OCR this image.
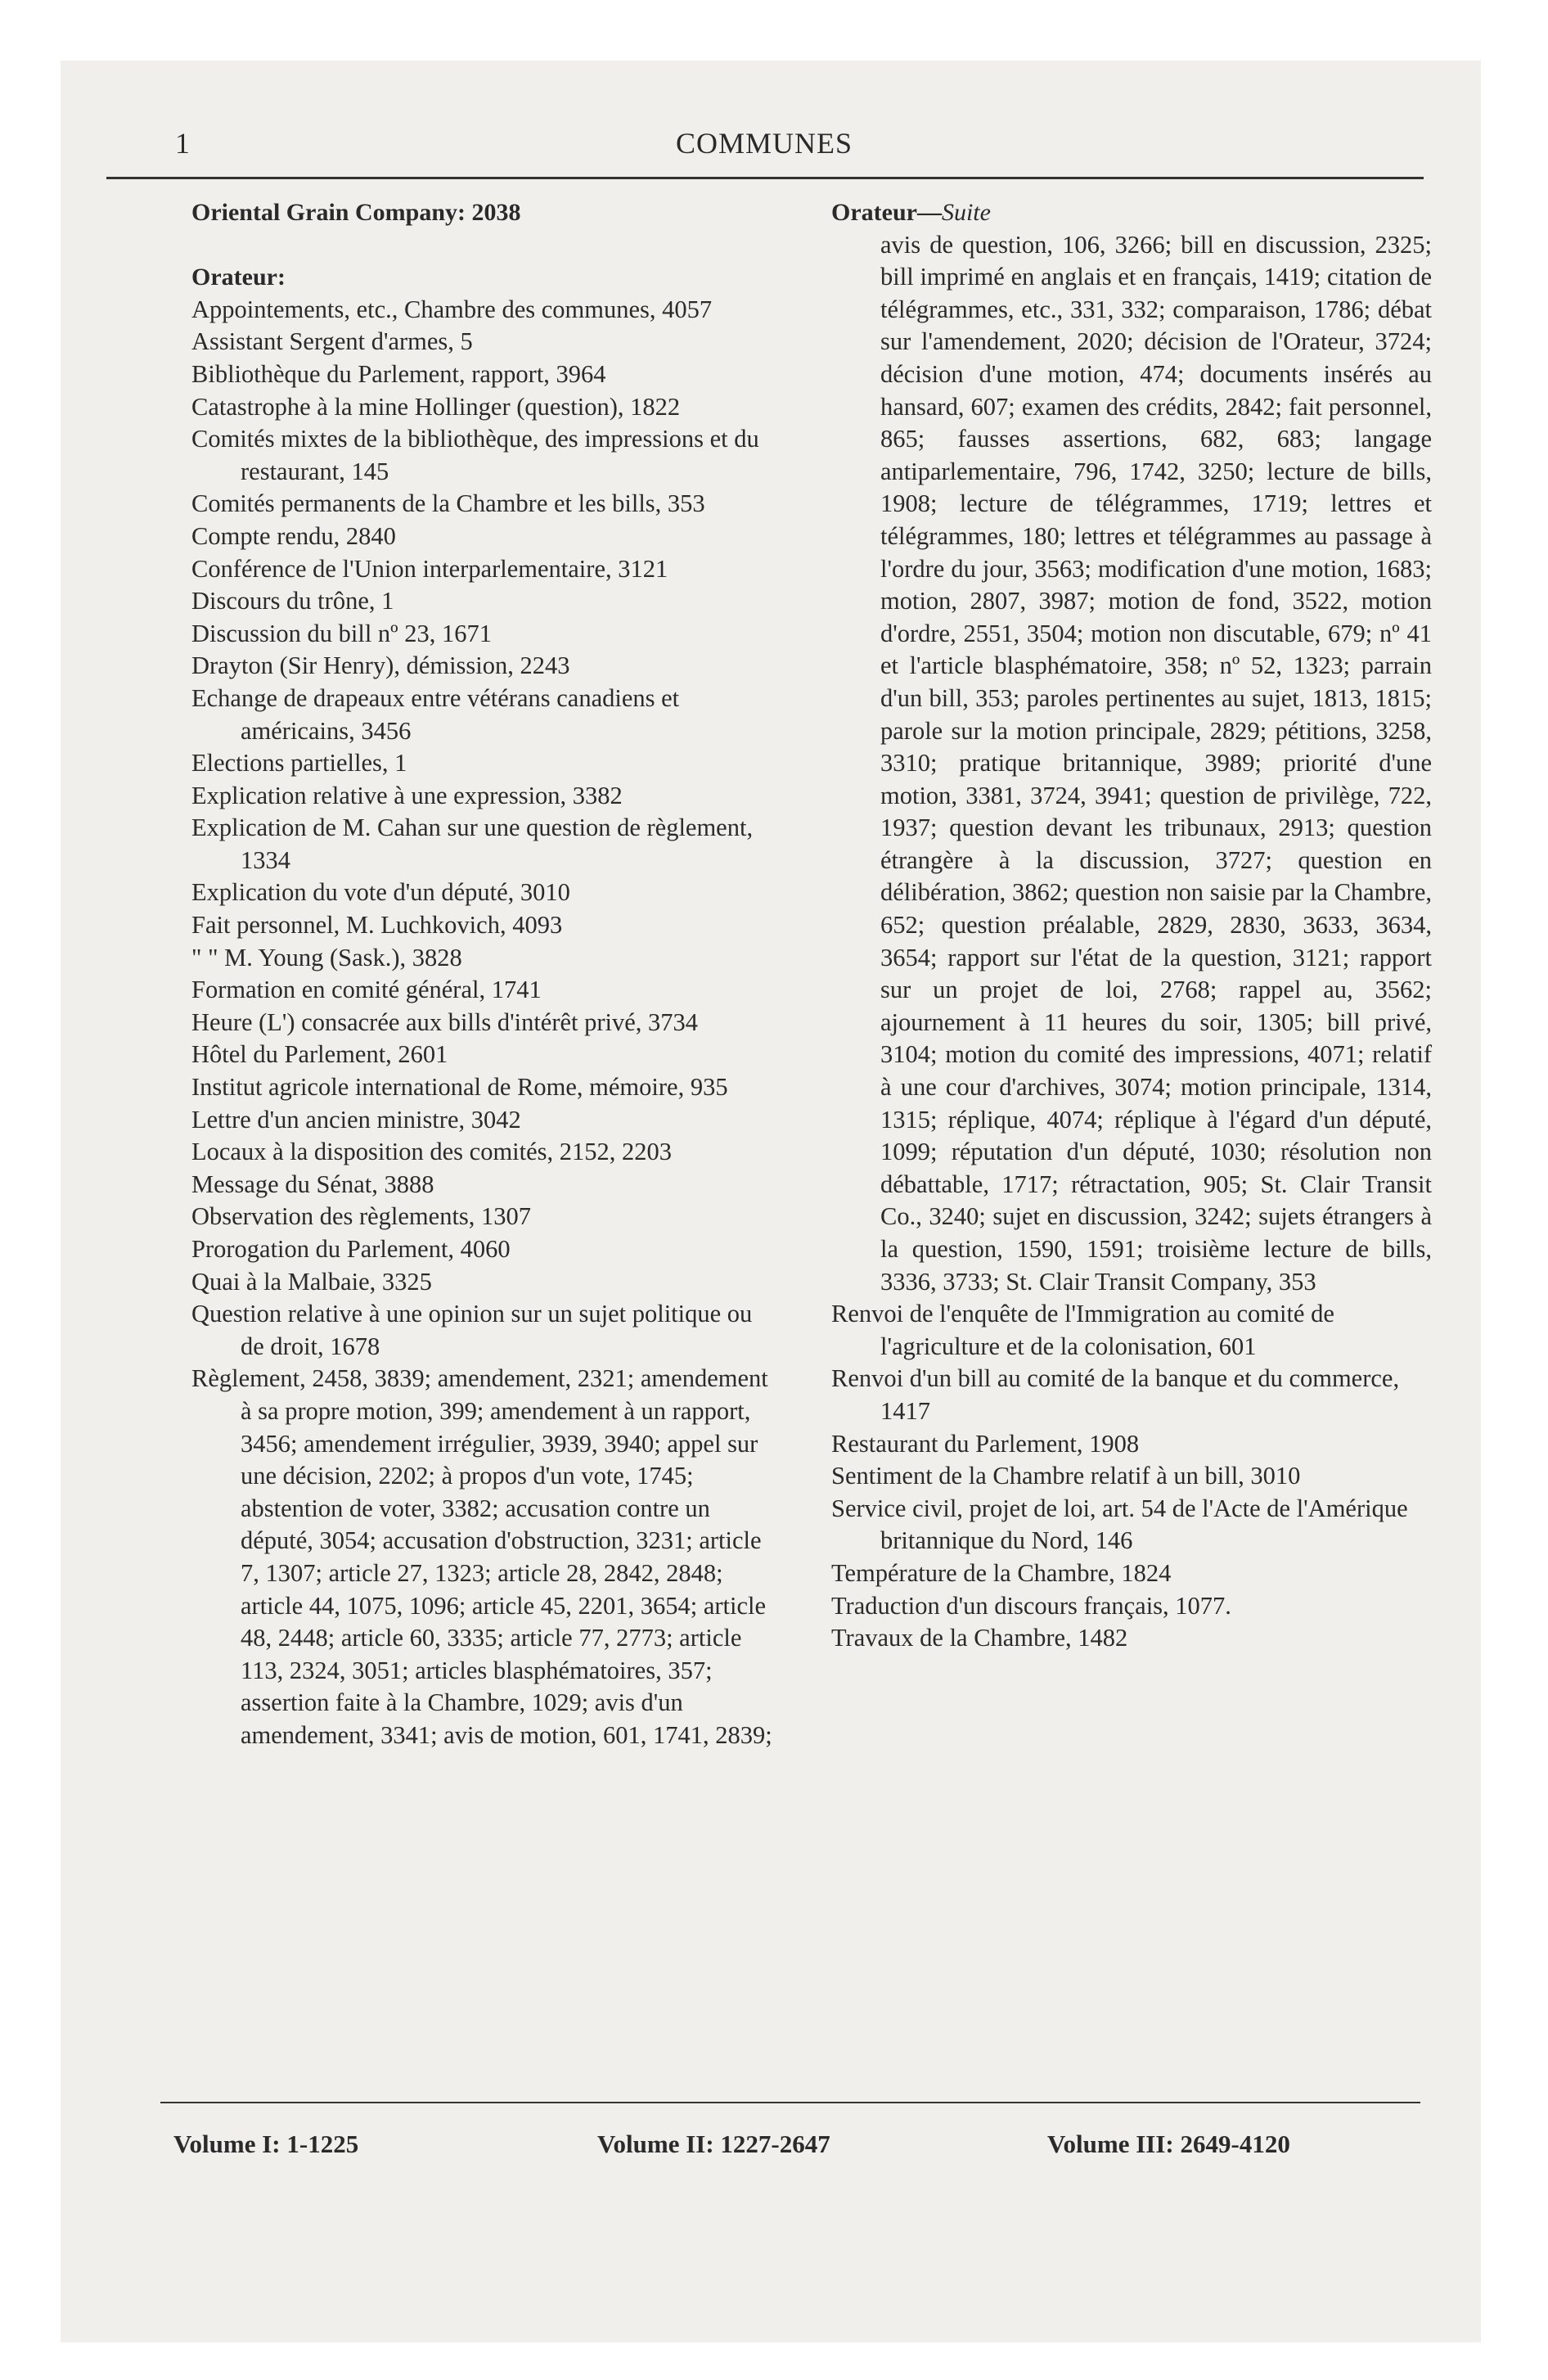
1	COMMUNES

Oriental Grain Company: 2038

Orateur:

Appointements, etc., Chambre des communes, 4057

Assistant Sergent d'armes, 5

Bibliothèque du Parlement, rapport, 3964

Catastrophe à la mine Hollinger (question), 1822

Comités mixtes de la bibliothèque, des impressions et du restaurant, 145

Comités permanents de la Chambre et les bills, 353

Compte rendu, 2840

Conférence de l'Union interparlementaire, 3121

Discours du trône, 1

Discussion du bill nº 23, 1671

Drayton (Sir Henry), démission, 2243

Echange de drapeaux entre vétérans canadiens et américains, 3456

Elections partielles, 1

Explication relative à une expression, 3382

Explication de M. Cahan sur une question de règlement, 1334

Explication du vote d'un député, 3010

Fait personnel, M. Luchkovich, 4093

" " M. Young (Sask.), 3828

Formation en comité général, 1741

Heure (L') consacrée aux bills d'intérêt privé, 3734

Hôtel du Parlement, 2601

Institut agricole international de Rome, mémoire, 935

Lettre d'un ancien ministre, 3042

Locaux à la disposition des comités, 2152, 2203

Message du Sénat, 3888

Observation des règlements, 1307

Prorogation du Parlement, 4060

Quai à la Malbaie, 3325

Question relative à une opinion sur un sujet politique ou de droit, 1678

Règlement, 2458, 3839; amendement, 2321; amendement à sa propre motion, 399; amendement à un rapport, 3456; amendement irrégulier, 3939, 3940; appel sur une décision, 2202; à propos d'un vote, 1745; abstention de voter, 3382; accusation contre un député, 3054; accusation d'obstruction, 3231; article 7, 1307; article 27, 1323; article 28, 2842, 2848; article 44, 1075, 1096; article 45, 2201, 3654; article 48, 2448; article 60, 3335; article 77, 2773; article 113, 2324, 3051; articles blasphématoires, 357; assertion faite à la Chambre, 1029; avis d'un amendement, 3341; avis de motion, 601, 1741, 2839;

Orateur—Suite

avis de question, 106, 3266; bill en discussion, 2325; bill imprimé en anglais et en français, 1419; citation de télégrammes, etc., 331, 332; comparaison, 1786; débat sur l'amendement, 2020; décision de l'Orateur, 3724; décision d'une motion, 474; documents insérés au hansard, 607; examen des crédits, 2842; fait personnel, 865; fausses assertions, 682, 683; langage antiparlementaire, 796, 1742, 3250; lecture de bills, 1908; lecture de télégrammes, 1719; lettres et télégrammes, 180; lettres et télégrammes au passage à l'ordre du jour, 3563; modification d'une motion, 1683; motion, 2807, 3987; motion de fond, 3522, motion d'ordre, 2551, 3504; motion non discutable, 679; nº 41 et l'article blasphématoire, 358; nº 52, 1323; parrain d'un bill, 353; paroles pertinentes au sujet, 1813, 1815; parole sur la motion principale, 2829; pétitions, 3258, 3310; pratique britannique, 3989; priorité d'une motion, 3381, 3724, 3941; question de privilège, 722, 1937; question devant les tribunaux, 2913; question étrangère à la discussion, 3727; question en délibération, 3862; question non saisie par la Chambre, 652; question préalable, 2829, 2830, 3633, 3634, 3654; rapport sur l'état de la question, 3121; rapport sur un projet de loi, 2768; rappel au, 3562; ajournement à 11 heures du soir, 1305; bill privé, 3104; motion du comité des impressions, 4071; relatif à une cour d'archives, 3074; motion principale, 1314, 1315; réplique, 4074; réplique à l'égard d'un député, 1099; réputation d'un député, 1030; résolution non débattable, 1717; rétractation, 905; St. Clair Transit Co., 3240; sujet en discussion, 3242; sujets étrangers à la question, 1590, 1591; troisième lecture de bills, 3336, 3733; St. Clair Transit Company, 353

Renvoi de l'enquête de l'Immigration au comité de l'agriculture et de la colonisation, 601

Renvoi d'un bill au comité de la banque et du commerce, 1417

Restaurant du Parlement, 1908

Sentiment de la Chambre relatif à un bill, 3010

Service civil, projet de loi, art. 54 de l'Acte de l'Amérique britannique du Nord, 146

Température de la Chambre, 1824

Traduction d'un discours français, 1077.

Travaux de la Chambre, 1482

Volume I: 1-1225	Volume II: 1227-2647	Volume III: 2649-4120
